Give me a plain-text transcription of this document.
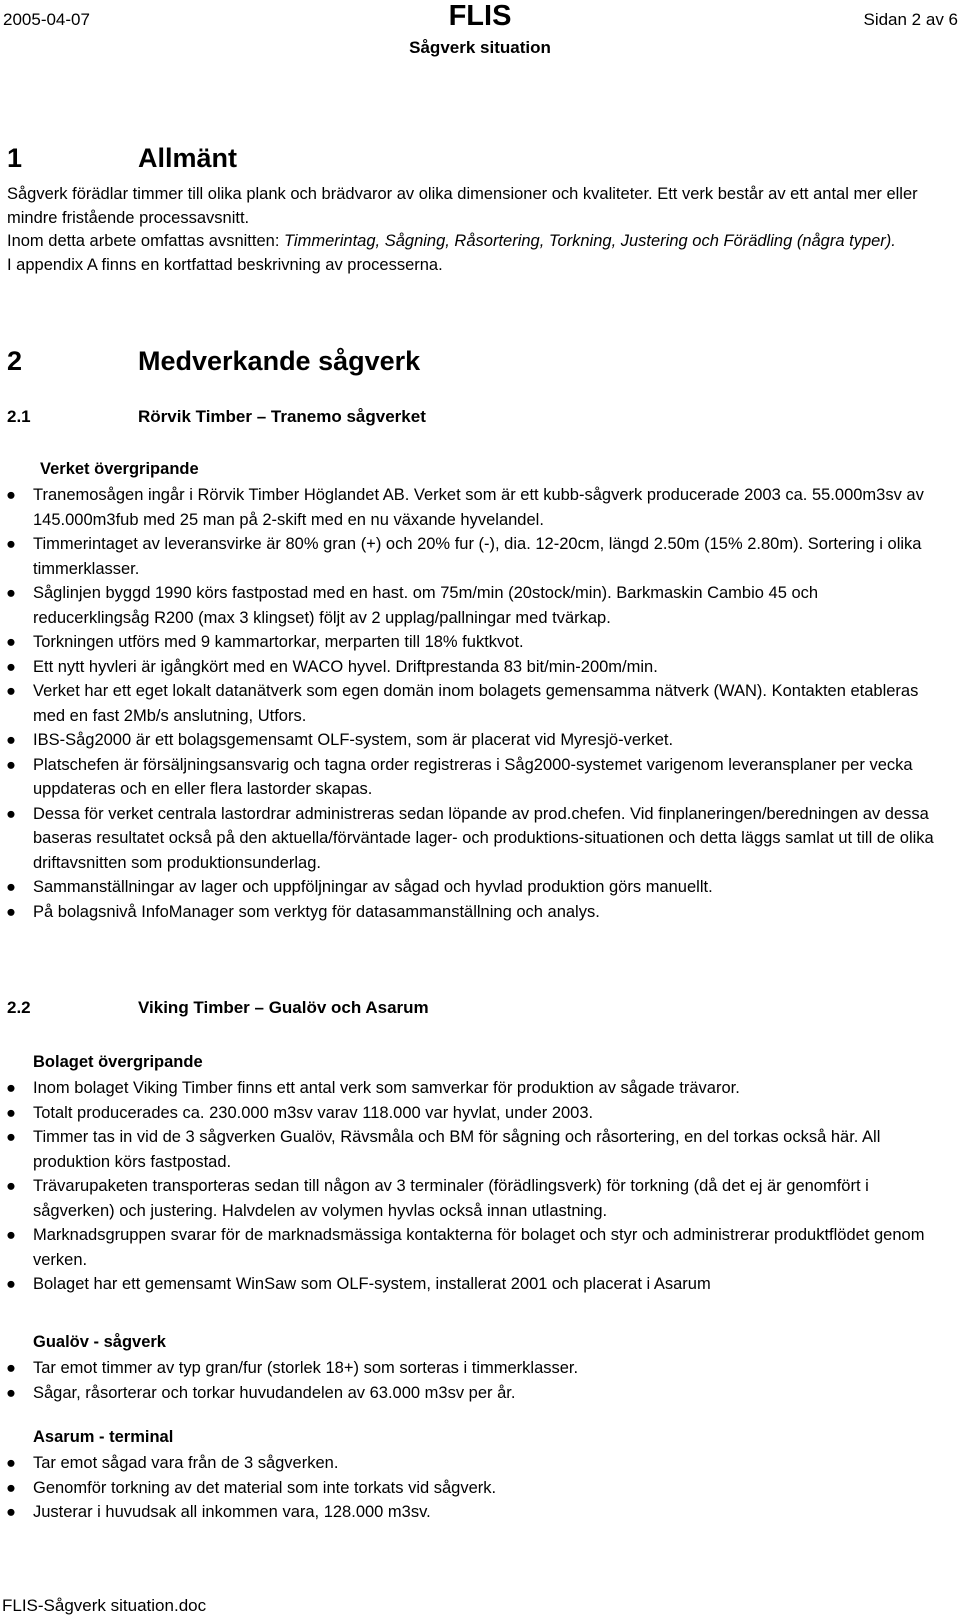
2005-04-07	FLIS
Sågverk situation
Sidan 2 av 6
1	Allmänt
Sågverk förädlar timmer till olika plank och brädvaror av olika dimensioner och kvaliteter. Ett verk består av ett antal mer eller mindre fristående processavsnitt.
Inom detta arbete omfattas avsnitten: Timmerintag, Sågning, Råsortering, Torkning, Justering och Förädling (några typer).
I appendix A finns en kortfattad beskrivning av processerna.
2	Medverkande sågverk
2.1	Rörvik Timber – Tranemo sågverket
Verket övergripande
● Tranemosågen ingår i Rörvik Timber Höglandet AB. Verket som är ett kubb-sågverk producerade 2003 ca. 55.000m3sv av 145.000m3fub med 25 man på 2-skift med en nu växande hyvelandel.
● Timmerintaget av leveransvirke är 80% gran (+) och 20% fur (-), dia. 12-20cm, längd 2.50m (15% 2.80m). Sortering i olika timmerklasser.
● Såglinjen byggd 1990 körs fastpostad med en hast. om 75m/min (20stock/min). Barkmaskin Cambio 45 och reducerklingsåg R200 (max 3 klingset) följt av 2 upplag/pallningar med tvärkap.
● Torkningen utförs med 9 kammartorkar, merparten till 18% fuktkvot.
● Ett nytt hyvleri är igångkört med en WACO hyvel. Driftprestanda 83 bit/min-200m/min.
● Verket har ett eget lokalt datanätverk som egen domän inom bolagets gemensamma nätverk (WAN). Kontakten etableras med en fast 2Mb/s anslutning, Utfors.
● IBS-Såg2000 är ett bolagsgemensamt OLF-system, som är placerat vid Myresjö-verket.
● Platschefen är försäljningsansvarig och tagna order registreras i Såg2000-systemet varigenom leveransplaner per vecka uppdateras och en eller flera lastorder skapas.
● Dessa för verket centrala lastordrar administreras sedan löpande av prod.chefen. Vid finplaneringen/beredningen av dessa baseras resultatet också på den aktuella/förväntade lager- och produktions-situationen och detta läggs samlat ut till de olika driftavsnitten som produktionsunderlag.
● Sammanställningar av lager och uppföljningar av sågad och hyvlad produktion görs manuellt.
● På bolagsnivå InfoManager som verktyg för datasammanställning och analys.
2.2	Viking Timber – Gualöv och Asarum
Bolaget övergripande
● Inom bolaget Viking Timber finns ett antal verk som samverkar för produktion av sågade trävaror.
● Totalt producerades ca. 230.000 m3sv varav 118.000 var hyvlat, under 2003.
● Timmer tas in vid de 3 sågverken Gualöv, Rävsmåla och BM för sågning och råsortering, en del torkas också här. All produktion körs fastpostad.
● Trävarupaketen transporteras sedan till någon av 3 terminaler (förädlingsverk) för torkning (då det ej är genomfört i sågverken) och justering. Halvdelen av volymen hyvlas också innan utlastning.
● Marknadsgruppen svarar för de marknadsmässiga kontakterna för bolaget och styr och administrerar produktflödet genom verken.
● Bolaget har ett gemensamt WinSaw som OLF-system, installerat 2001 och placerat i Asarum
Gualöv - sågverk
● Tar emot timmer av typ gran/fur (storlek 18+) som sorteras i timmerklasser.
● Sågar, råsorterar och torkar huvudandelen av 63.000 m3sv per år.
Asarum - terminal
● Tar emot sågad vara från de 3 sågverken.
● Genomför torkning av det material som inte torkats vid sågverk.
● Justerar i huvudsak all inkommen vara, 128.000 m3sv.
FLIS-Sågverk situation.doc
